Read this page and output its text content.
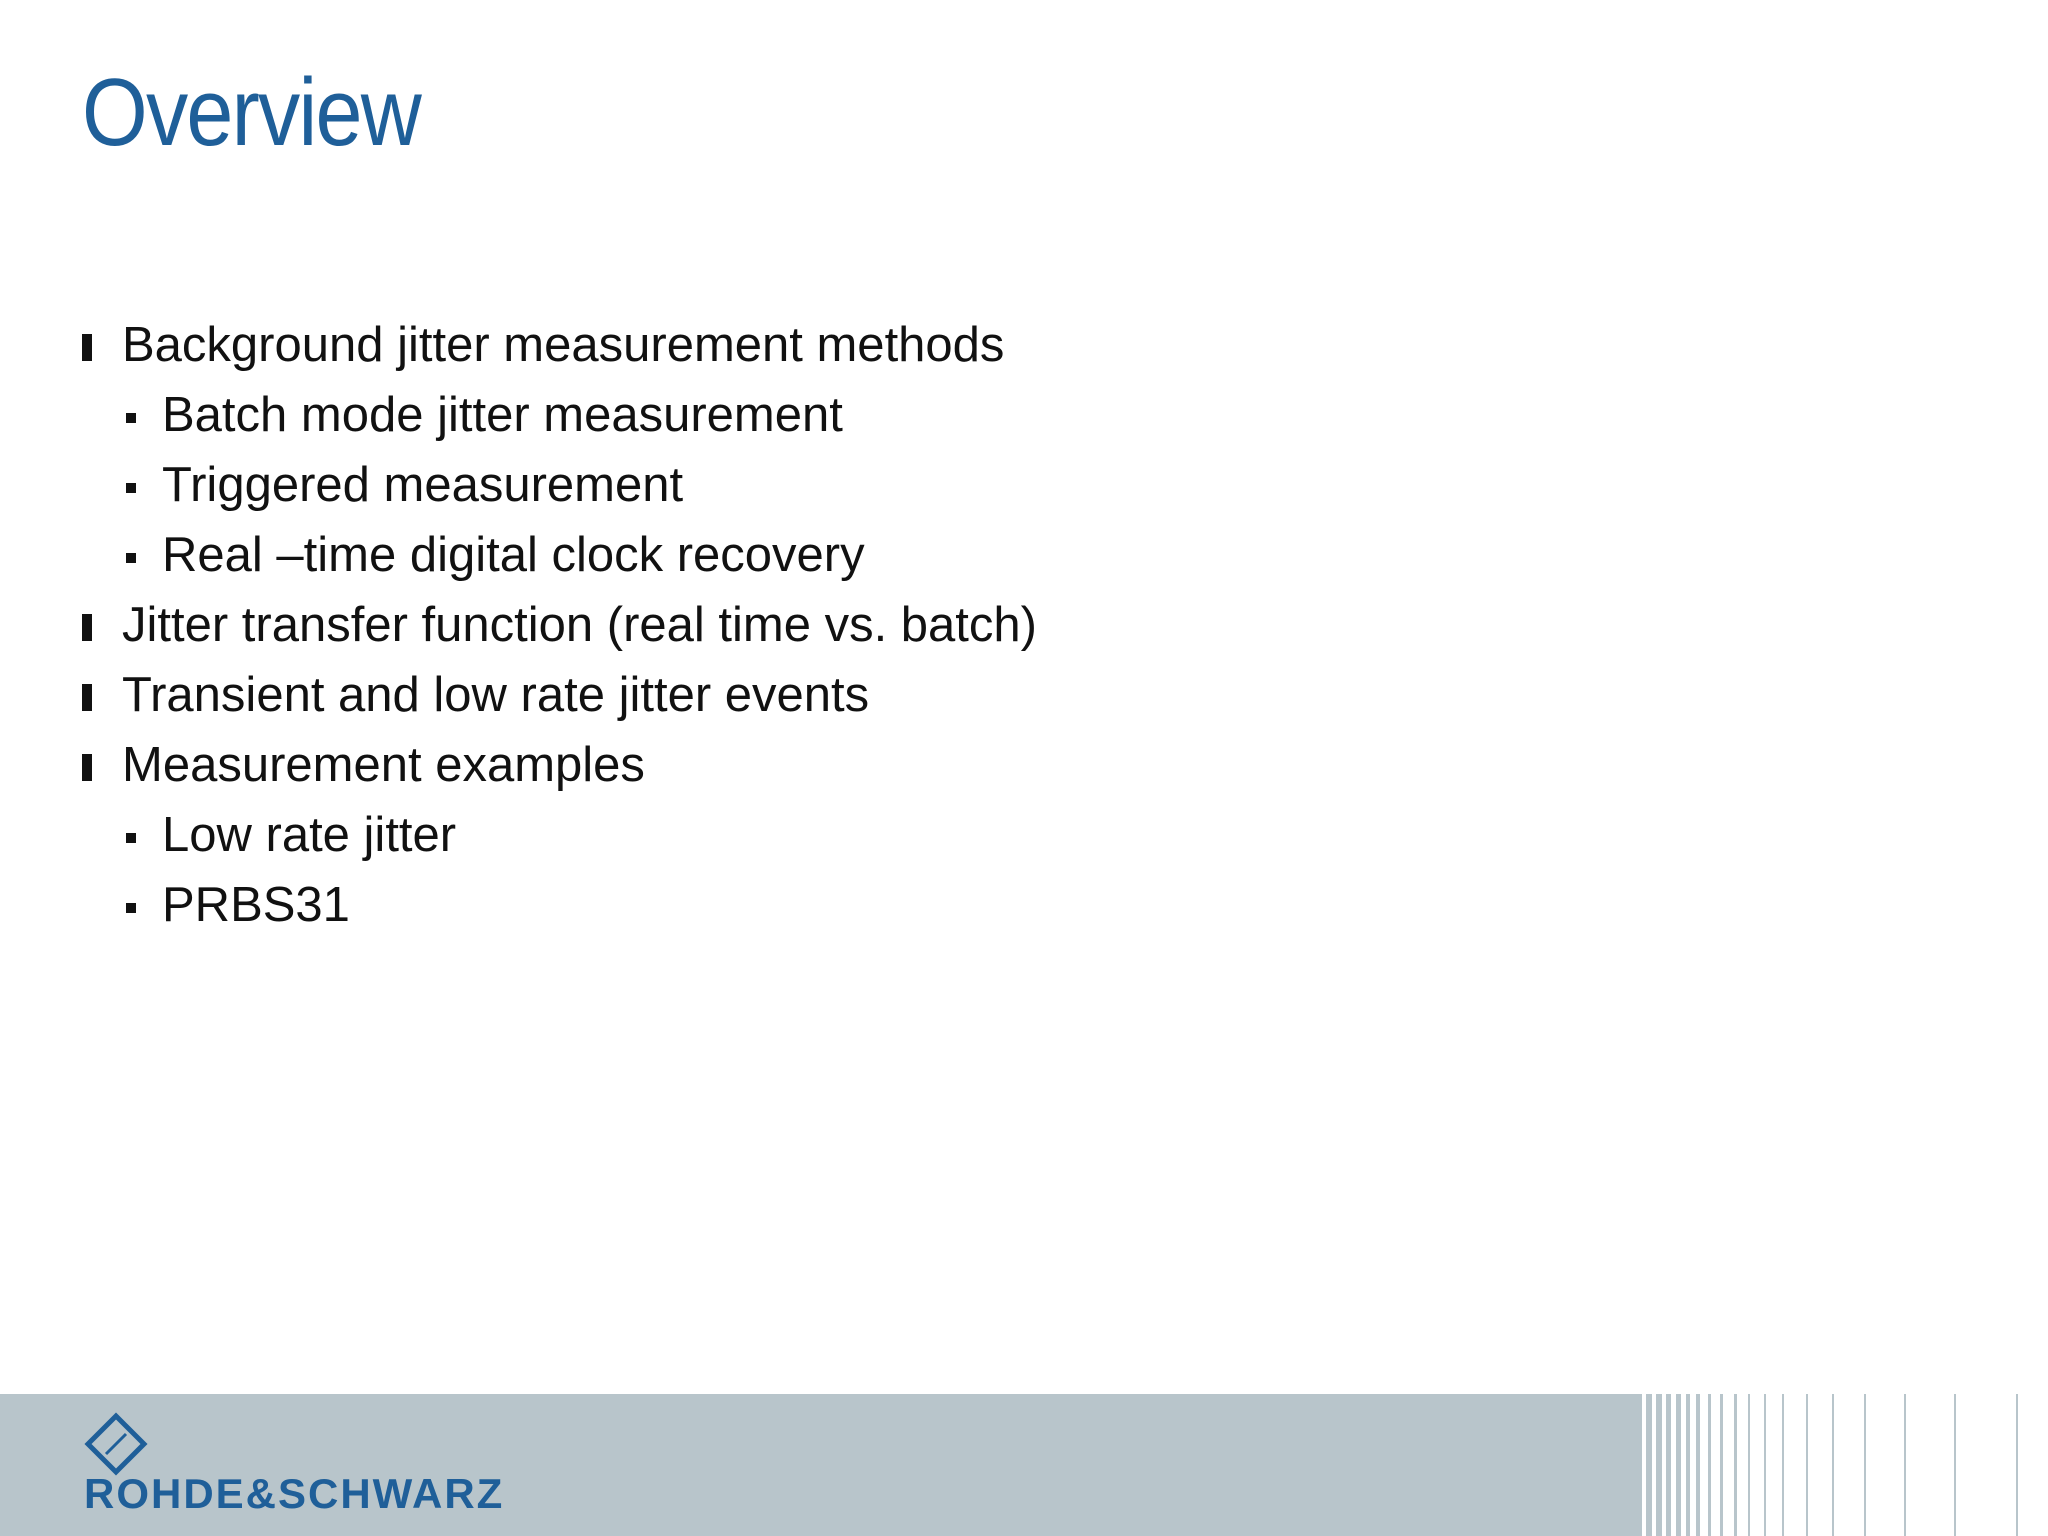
Overview
Background jitter measurement methods
Batch mode jitter measurement
Triggered measurement
Real –time digital clock recovery
Jitter transfer function (real time vs. batch)
Transient and low rate jitter events
Measurement examples
Low rate jitter
PRBS31
ROHDE&SCHWARZ
